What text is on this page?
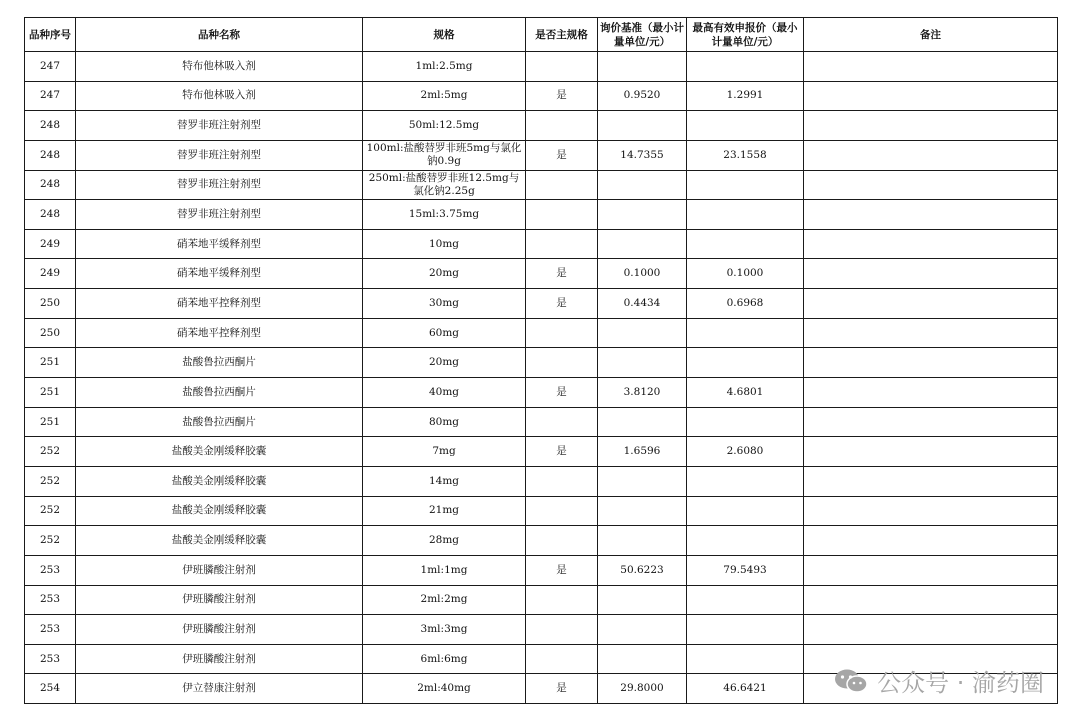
品种序号	品种名称	规格	是否主规格	询价基准（最小计量单位/元）	最高有效申报价（最小计量单位/元）	备注
247	特布他林吸入剂	1ml:2.5mg				
247	特布他林吸入剂	2ml:5mg	是	0.9520	1.2991	
248	替罗非班注射剂型	50ml:12.5mg				
248	替罗非班注射剂型	100ml:盐酸替罗非班5mg与氯化钠0.9g	是	14.7355	23.1558	
248	替罗非班注射剂型	250ml:盐酸替罗非班12.5mg与氯化钠2.25g				
248	替罗非班注射剂型	15ml:3.75mg				
249	硝苯地平缓释剂型	10mg				
249	硝苯地平缓释剂型	20mg	是	0.1000	0.1000	
250	硝苯地平控释剂型	30mg	是	0.4434	0.6968	
250	硝苯地平控释剂型	60mg				
251	盐酸鲁拉西酮片	20mg				
251	盐酸鲁拉西酮片	40mg	是	3.8120	4.6801	
251	盐酸鲁拉西酮片	80mg				
252	盐酸美金刚缓释胶囊	7mg	是	1.6596	2.6080	
252	盐酸美金刚缓释胶囊	14mg				
252	盐酸美金刚缓释胶囊	21mg				
252	盐酸美金刚缓释胶囊	28mg				
253	伊班膦酸注射剂	1ml:1mg	是	50.6223	79.5493	
253	伊班膦酸注射剂	2ml:2mg				
253	伊班膦酸注射剂	3ml:3mg				
253	伊班膦酸注射剂	6ml:6mg				
254	伊立替康注射剂	2ml:40mg	是	29.8000	46.6421		公众号 · 渝药圈
